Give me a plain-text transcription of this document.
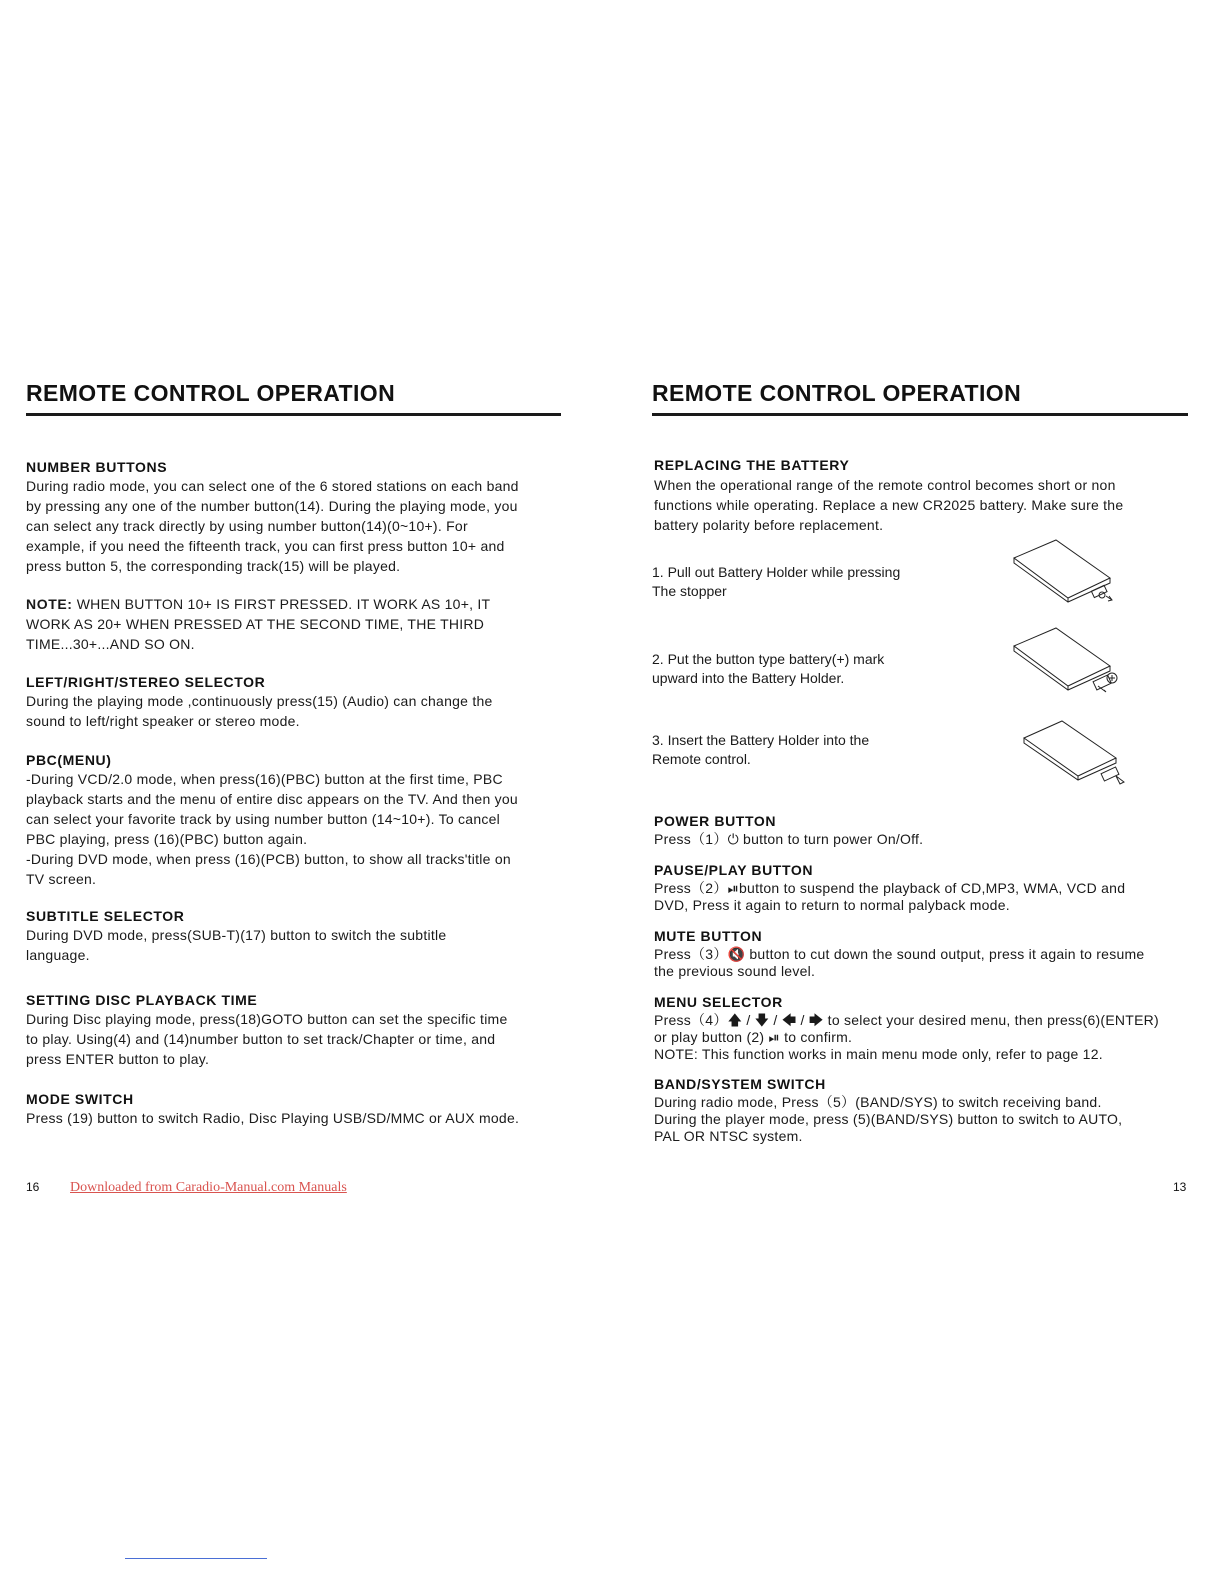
REMOTE CONTROL OPERATION
NUMBER BUTTONS

During radio mode, you can select one of the 6 stored stations on each band
by pressing any one of the number button(14). During the playing mode, you
can select any track directly by using number button(14)(0~10+). For
example, if you need the fifteenth track, you can first press button 10+ and
press button 5, the corresponding track(15) will be played.

NOTE: WHEN BUTTON 10+ IS FIRST PRESSED. IT WORK AS 10+, IT
WORK AS 20+ WHEN PRESSED AT THE SECOND TIME, THE THIRD
TIME...30+...AND SO ON.

LEFT/RIGHT/STEREO SELECTOR

During the playing mode ,continuously press(15) (Audio) can change the
sound to left/right speaker or stereo mode.

PBC(MENU)

-During VCD/2.0 mode, when press(16)(PBC) button at the first time, PBC
playback starts and the menu of entire disc appears on the TV. And then you
can select your favorite track by using number button (14~10+). To cancel
PBC playing, press (16)(PBC) button again.
-During DVD mode, when press (16)(PCB) button, to show all tracks'title on
TV screen.

SUBTITLE SELECTOR

During DVD mode, press(SUB-T)(17) button to switch the subtitle
language.

SETTING DISC PLAYBACK TIME

During Disc playing mode, press(18)GOTO button can set the specific time
to play. Using(4) and (14)number button to set track/Chapter or time, and
press ENTER button to play.

MODE SWITCH

Press (19) button to switch Radio, Disc Playing USB/SD/MMC or AUX mode.

16 Downloaded from Caradio-Manual.com Manuals
REMOTE CONTROL OPERATION
REPLACING THE BATTERY

When the operational range of the remote control becomes short or non
functions while operating. Replace a new CR2025 battery. Make sure the
battery polarity before replacement.

1. Pull out Battery Holder while pressing
The stopper
2. Put the button type battery(+) mark
upward into the Battery Holder.
3. Insert the Battery Holder into the
Remote control.
POWER BUTTON

Press（1）⏻ button to turn power On/Off.

PAUSE/PLAY BUTTON

Press（2）⏯button to suspend the playback of CD,MP3, WMA, VCD and
DVD, Press it again to return to normal palyback mode.

MUTE BUTTON

Press（3）🔇 button to cut down the sound output, press it again to resume
the previous sound level.

MENU SELECTOR

Press（4）🡅 / 🡇 / 🡄 / 🡆 to select your desired menu, then press(6)(ENTER)
or play button (2) ⏯ to confirm.
NOTE: This function works in main menu mode only, refer to page 12.

BAND/SYSTEM SWITCH

During radio mode, Press（5）(BAND/SYS) to switch receiving band.
During the player mode, press (5)(BAND/SYS) button to switch to AUTO,
PAL OR NTSC system.

13
